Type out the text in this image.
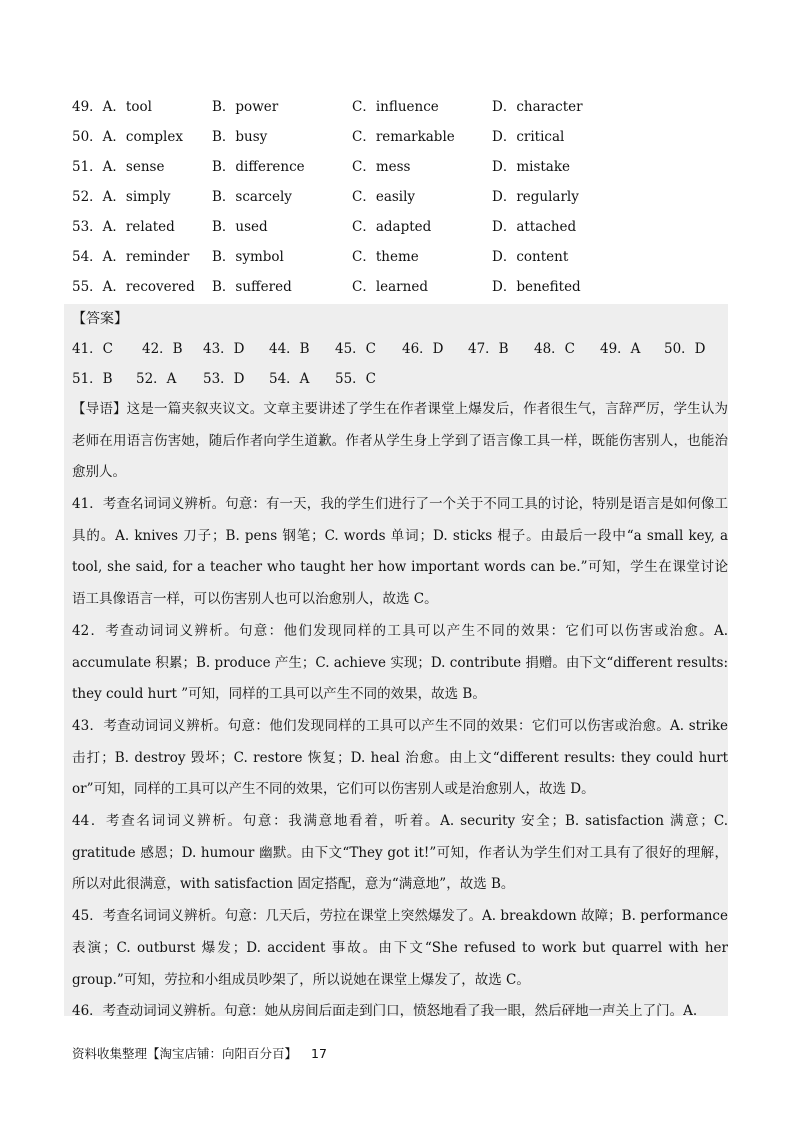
49．A．tool	B．power	C．influence	D．character
50．A．complex B．busy	C．remarkable	D．critical
51．A．sense	B．difference	C．mess	D．mistake
52．A．simply	B．scarcely	C．easily	D．regularly
53．A．related	B．used	C．adapted	D．attached
54．A．reminder B．symbol	C．theme	D．content
55．A．recovered B．suffered	C．learned	D．benefited
【答案】
41．C 42．B 43．D 44．B 45．C 46．D 47．B 48．C 49．A 50．D
51．B 52．A 53．D 54．A 55．C

【导语】这是一篇夹叙夹议文。文章主要讲述了学生在作者课堂上爆发后，作者很生气，言辞严厉，学生认为老师在用语言伤害她，随后作者向学生道歉。作者从学生身上学到了语言像工具一样，既能伤害别人，也能治愈别人。

41．考查名词词义辨析。句意：有一天，我的学生们进行了一个关于不同工具的讨论，特别是语言是如何像工具的。A. knives 刀子；B. pens 钢笔；C. words 单词；D. sticks 棍子。由最后一段中“a small key, a tool, she said, for a teacher who taught her how important words can be.”可知，学生在课堂讨论语工具像语言一样，可以伤害别人也可以治愈别人，故选 C。

42．考查动词词义辨析。句意：他们发现同样的工具可以产生不同的效果：它们可以伤害或治愈。A. accumulate 积累；B. produce 产生；C. achieve 实现；D. contribute 捐赠。由下文“different results: they could hurt ”可知，同样的工具可以产生不同的效果，故选 B。

43．考查动词词义辨析。句意：他们发现同样的工具可以产生不同的效果：它们可以伤害或治愈。A. strike 击打；B. destroy 毁坏；C. restore 恢复；D. heal 治愈。由上文“different results: they could hurt or”可知，同样的工具可以产生不同的效果，它们可以伤害别人或是治愈别人，故选 D。

44．考查名词词义辨析。句意：我满意地看着，听着。A. security 安全；B. satisfaction 满意；C. gratitude 感恩；D. humour 幽默。由下文“They got it!”可知，作者认为学生们对工具有了很好的理解，所以对此很满意，with satisfaction 固定搭配，意为“满意地”，故选 B。

45．考查名词词义辨析。句意：几天后，劳拉在课堂上突然爆发了。A. breakdown 故障；B. performance 表演；C. outburst 爆发；D. accident 事故。由下文“She refused to work but quarrel with her group.”可知，劳拉和小组成员吵架了，所以说她在课堂上爆发了，故选 C。

46．考查动词词义辨析。句意：她从房间后面走到门口，愤怒地看了我一眼，然后砰地一声关上了门。A.

资料收集整理【淘宝店铺：向阳百分百】 17
